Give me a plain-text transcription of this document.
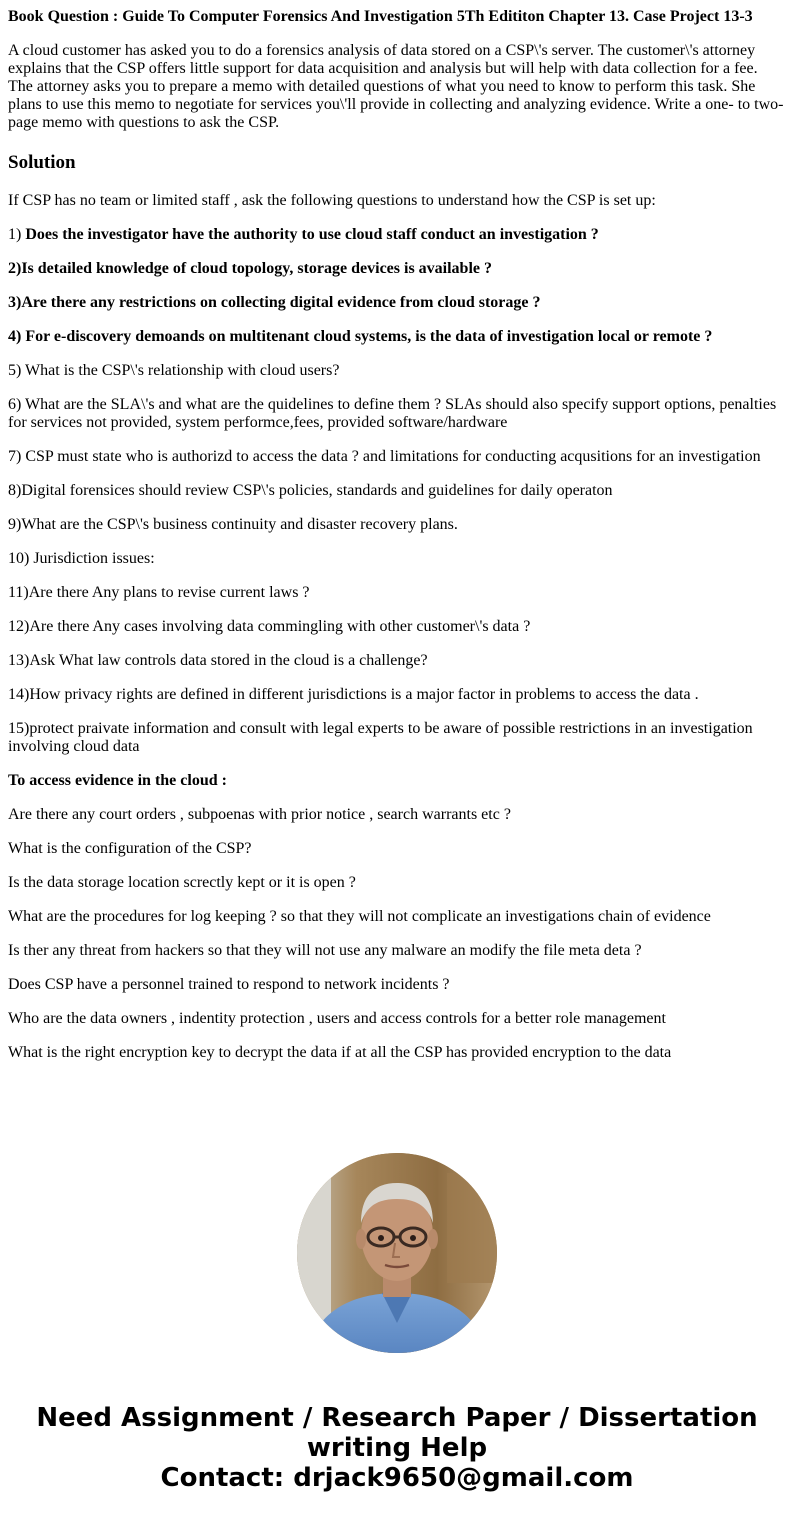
Book Question : Guide To Computer Forensics And Investigation 5Th Edititon Chapter 13. Case Project 13-3

A cloud customer has asked you to do a forensics analysis of data stored on a CSP\'s server. The customer\'s attorney explains that the CSP offers little support for data acquisition and analysis but will help with data collection for a fee. The attorney asks you to prepare a memo with detailed questions of what you need to know to perform this task. She plans to use this memo to negotiate for services you\'ll provide in collecting and analyzing evidence. Write a one- to two-page memo with questions to ask the CSP.

Solution

If CSP has no team or limited staff , ask the following questions to understand how the CSP is set up:

1) Does the investigator have the authority to use cloud staff conduct an investigation ?

2)Is detailed knowledge of cloud topology, storage devices is available ?

3)Are there any restrictions on collecting digital evidence from cloud storage ?

4) For e-discovery demoands on multitenant cloud systems, is the data of investigation local or remote ?

5) What is the CSP\'s relationship with cloud users?

6) What are the SLA\'s and what are the quidelines to define them ? SLAs should also specify support options, penalties for services not provided, system performce,fees, provided software/hardware

7) CSP must state who is authorizd to access the data ? and limitations for conducting acqusitions for an investigation

8)Digital forensices should review CSP\'s policies, standards and guidelines for daily operaton

9)What are the CSP\'s business continuity and disaster recovery plans.

10) Jurisdiction issues:

11)Are there Any plans to revise current laws ?

12)Are there Any cases involving data commingling with other customer\'s data ?

13)Ask What law controls data stored in the cloud is a challenge?

14)How privacy rights are defined in different jurisdictions is a major factor in problems to access the data .

15)protect praivate information and consult with legal experts to be aware of possible restrictions in an investigation involving cloud data

To access evidence in the cloud :

Are there any court orders , subpoenas with prior notice , search warrants etc ?

What is the configuration of the CSP?

Is the data storage location screctly kept or it is open ?

What are the procedures for log keeping ? so that they will not complicate an investigations chain of evidence

Is ther any threat from hackers so that they will not use any malware an modify the file meta deta ?

Does CSP have a personnel trained to respond to network incidents ?

Who are the data owners , indentity protection , users and access controls for a better role management

What is the right encryption key to decrypt the data if at all the CSP has provided encryption to the data

Need Assignment / Research Paper / Dissertation
writing Help
Contact: drjack9650@gmail.com
